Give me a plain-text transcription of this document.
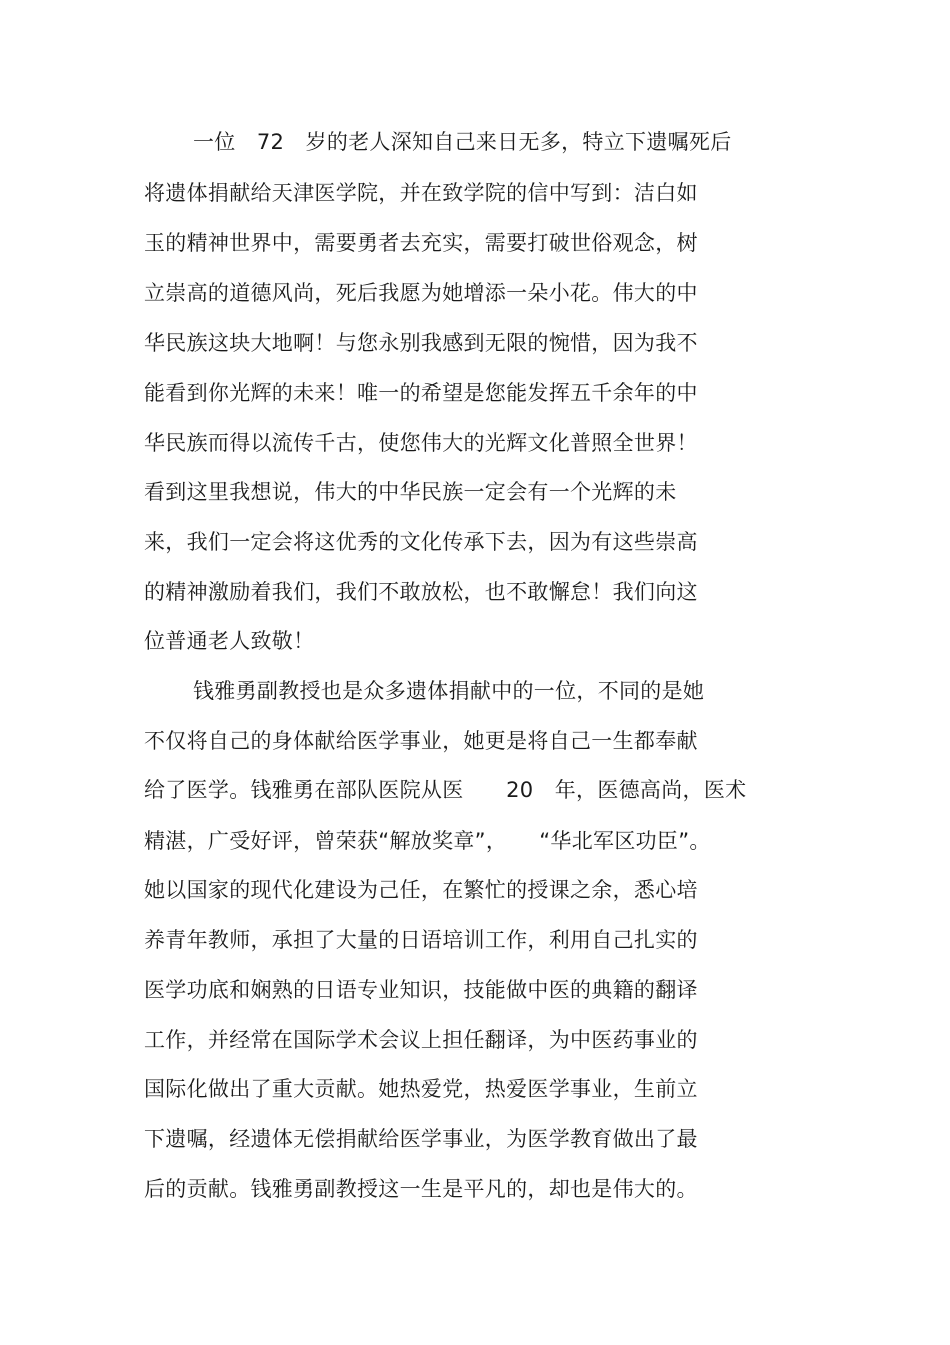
一位　72　岁的老人深知自己来日无多，特立下遗嘱死后
将遗体捐献给天津医学院，并在致学院的信中写到：洁白如
玉的精神世界中，需要勇者去充实，需要打破世俗观念，树
立崇高的道德风尚，死后我愿为她增添一朵小花。伟大的中
华民族这块大地啊！与您永别我感到无限的惋惜，因为我不
能看到你光辉的未来！唯一的希望是您能发挥五千余年的中
华民族而得以流传千古，使您伟大的光辉文化普照全世界！
看到这里我想说，伟大的中华民族一定会有一个光辉的未
来，我们一定会将这优秀的文化传承下去，因为有这些崇高
的精神激励着我们，我们不敢放松，也不敢懈怠！我们向这
位普通老人致敬！
钱雅勇副教授也是众多遗体捐献中的一位，不同的是她
不仅将自己的身体献给医学事业，她更是将自己一生都奉献
给了医学。钱雅勇在部队医院从医　　20　年，医德高尚，医术
精湛，广受好评，曾荣获“解放奖章”，　　“华北军区功臣”。
她以国家的现代化建设为己任，在繁忙的授课之余，悉心培
养青年教师，承担了大量的日语培训工作，利用自己扎实的
医学功底和娴熟的日语专业知识，技能做中医的典籍的翻译
工作，并经常在国际学术会议上担任翻译，为中医药事业的
国际化做出了重大贡献。她热爱党，热爱医学事业，生前立
下遗嘱，经遗体无偿捐献给医学事业，为医学教育做出了最
后的贡献。钱雅勇副教授这一生是平凡的，却也是伟大的。
